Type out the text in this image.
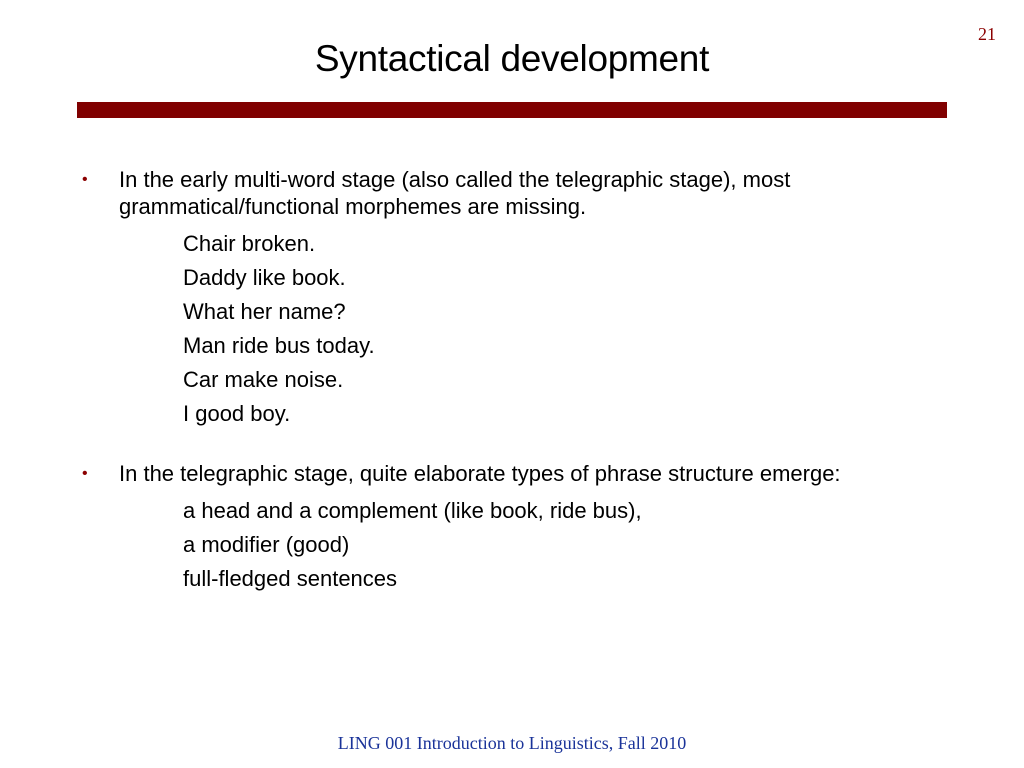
21
Syntactical development
• In the early multi-word stage (also called the telegraphic stage), most grammatical/functional morphemes are missing.
Chair broken.
Daddy like book.
What her name?
Man ride bus today.
Car make noise.
I good boy.
• In the telegraphic stage, quite elaborate types of phrase structure emerge:
a head and a complement (like book, ride bus),
a modifier (good)
full-fledged sentences
LING 001 Introduction to Linguistics, Fall 2010
